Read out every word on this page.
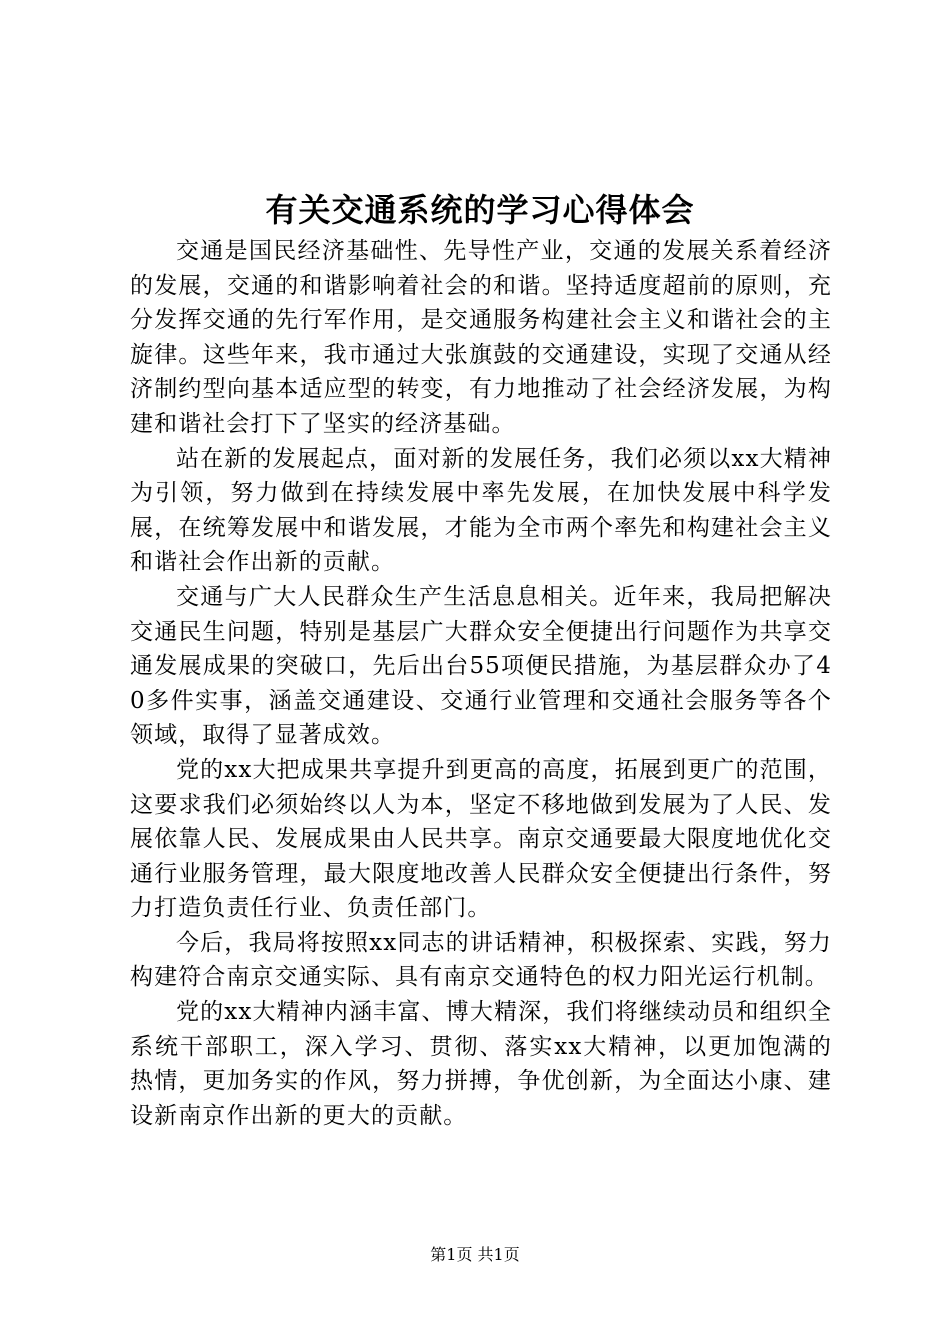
有关交通系统的学习心得体会

交通是国民经济基础性、先导性产业，交通的发展关系着经济的发展，交通的和谐影响着社会的和谐。坚持适度超前的原则，充分发挥交通的先行军作用，是交通服务构建社会主义和谐社会的主旋律。这些年来，我市通过大张旗鼓的交通建设，实现了交通从经济制约型向基本适应型的转变，有力地推动了社会经济发展，为构建和谐社会打下了坚实的经济基础。

站在新的发展起点，面对新的发展任务，我们必须以xx大精神为引领，努力做到在持续发展中率先发展，在加快发展中科学发展，在统筹发展中和谐发展，才能为全市两个率先和构建社会主义和谐社会作出新的贡献。

交通与广大人民群众生产生活息息相关。近年来，我局把解决交通民生问题，特别是基层广大群众安全便捷出行问题作为共享交通发展成果的突破口，先后出台55项便民措施，为基层群众办了40多件实事，涵盖交通建设、交通行业管理和交通社会服务等各个领域，取得了显著成效。

党的xx大把成果共享提升到更高的高度，拓展到更广的范围，这要求我们必须始终以人为本，坚定不移地做到发展为了人民、发展依靠人民、发展成果由人民共享。南京交通要最大限度地优化交通行业服务管理，最大限度地改善人民群众安全便捷出行条件，努力打造负责任行业、负责任部门。

今后，我局将按照xx同志的讲话精神，积极探索、实践，努力构建符合南京交通实际、具有南京交通特色的权力阳光运行机制。

党的xx大精神内涵丰富、博大精深，我们将继续动员和组织全系统干部职工，深入学习、贯彻、落实xx大精神，以更加饱满的热情，更加务实的作风，努力拼搏，争优创新，为全面达小康、建设新南京作出新的更大的贡献。

第1页 共1页
